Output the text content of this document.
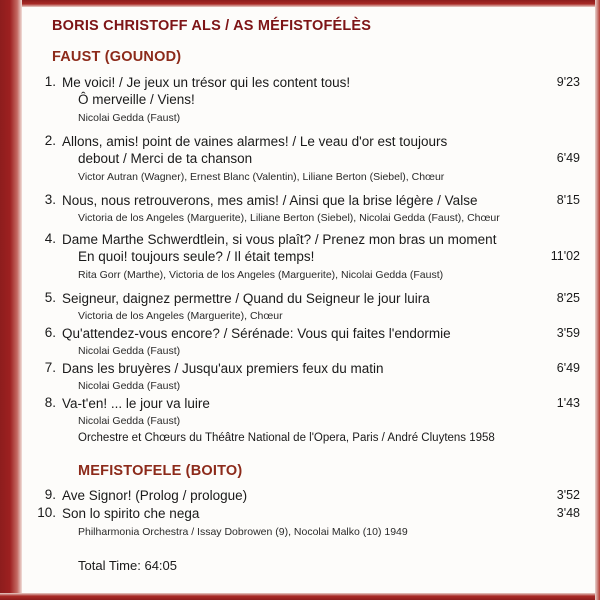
BORIS CHRISTOFF ALS / AS MÉFISTOFÉLÈS
FAUST (GOUNOD)
1. Me voici! / Je jeux un trésor qui les content tous!
Ô merveille / Viens!
Nicolai Gedda (Faust)
9'23
2. Allons, amis! point de vaines alarmes! / Le veau d'or est toujours
debout / Merci de ta chanson
Victor Autran (Wagner), Ernest Blanc (Valentin), Liliane Berton (Siebel), Chœur
6'49
3. Nous, nous retrouverons, mes amis! / Ainsi que la brise légère / Valse
Victoria de los Angeles (Marguerite), Liliane Berton (Siebel), Nicolai Gedda (Faust), Chœur
8'15
4. Dame Marthe Schwerdtlein, si vous plaît? / Prenez mon bras un moment
En quoi! toujours seule? / Il était temps!
Rita Gorr (Marthe), Victoria de los Angeles (Marguerite), Nicolai Gedda (Faust)
11'02
5. Seigneur, daignez permettre / Quand du Seigneur le jour luira
Victoria de los Angeles (Marguerite), Chœur
8'25
6. Qu'attendez-vous encore? / Sérénade: Vous qui faites l'endormie
Nicolai Gedda (Faust)
3'59
7. Dans les bruyères / Jusqu'aux premiers feux du matin
Nicolai Gedda (Faust)
6'49
8. Va-t'en! ... le jour va luire
Nicolai Gedda (Faust)
1'43
Orchestre et Chœurs du Théâtre National de l'Opera, Paris / André Cluytens 1958
MEFISTOFELE (BOITO)
9. Ave Signor! (Prolog / prologue)	3'52
10. Son lo spirito che nega	3'48
Philharmonia Orchestra / Issay Dobrowen (9), Nocolai Malko (10) 1949
Total Time: 64:05
